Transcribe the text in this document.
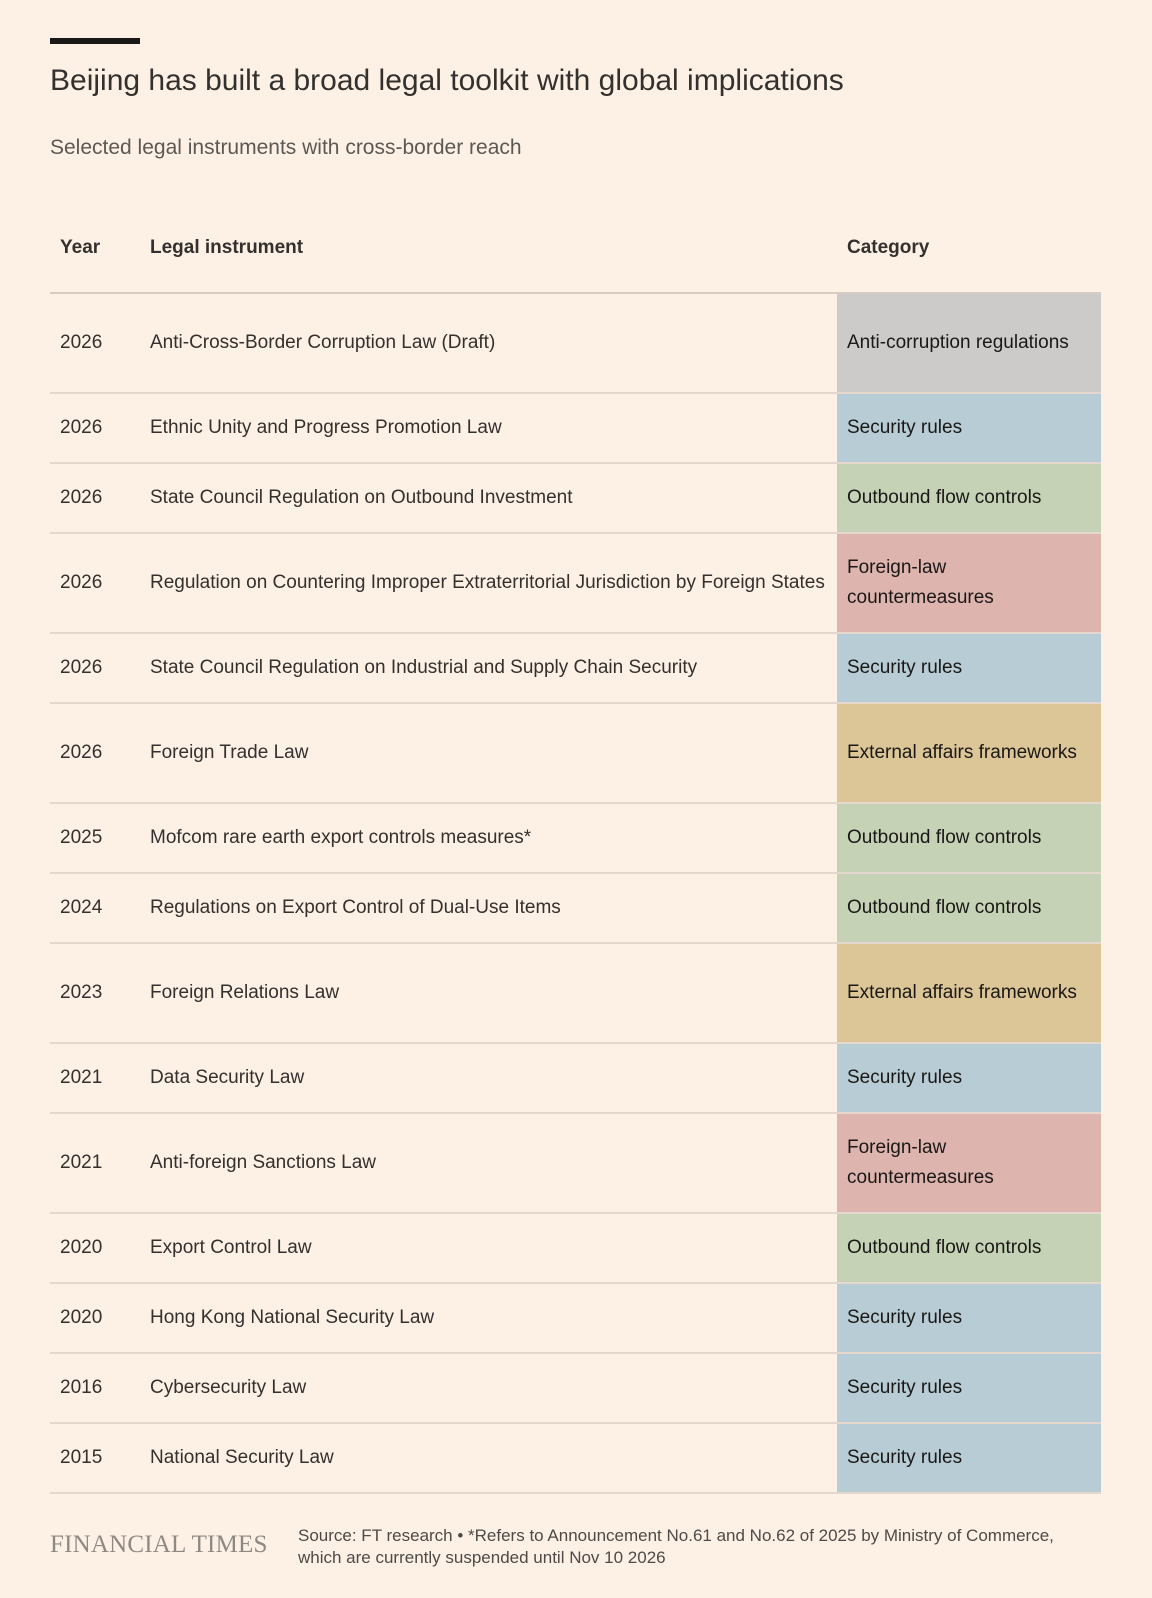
Beijing has built a broad legal toolkit with global implications
Selected legal instruments with cross-border reach
Year	Legal instrument	Category
2026	Anti-Cross-Border Corruption Law (Draft)	Anti-corruption regulations
2026	Ethnic Unity and Progress Promotion Law	Security rules
2026	State Council Regulation on Outbound Investment	Outbound flow controls
2026	Regulation on Countering Improper Extraterritorial Jurisdiction by Foreign States	Foreign-law countermeasures
2026	State Council Regulation on Industrial and Supply Chain Security	Security rules
2026	Foreign Trade Law	External affairs frameworks
2025	Mofcom rare earth export controls measures*	Outbound flow controls
2024	Regulations on Export Control of Dual-Use Items	Outbound flow controls
2023	Foreign Relations Law	External affairs frameworks
2021	Data Security Law	Security rules
2021	Anti-foreign Sanctions Law	Foreign-law countermeasures
2020	Export Control Law	Outbound flow controls
2020	Hong Kong National Security Law	Security rules
2016	Cybersecurity Law	Security rules
2015	National Security Law	Security rules
FINANCIAL TIMES Source: FT research • *Refers to Announcement No.61 and No.62 of 2025 by Ministry of Commerce, which are currently suspended until Nov 10 2026
